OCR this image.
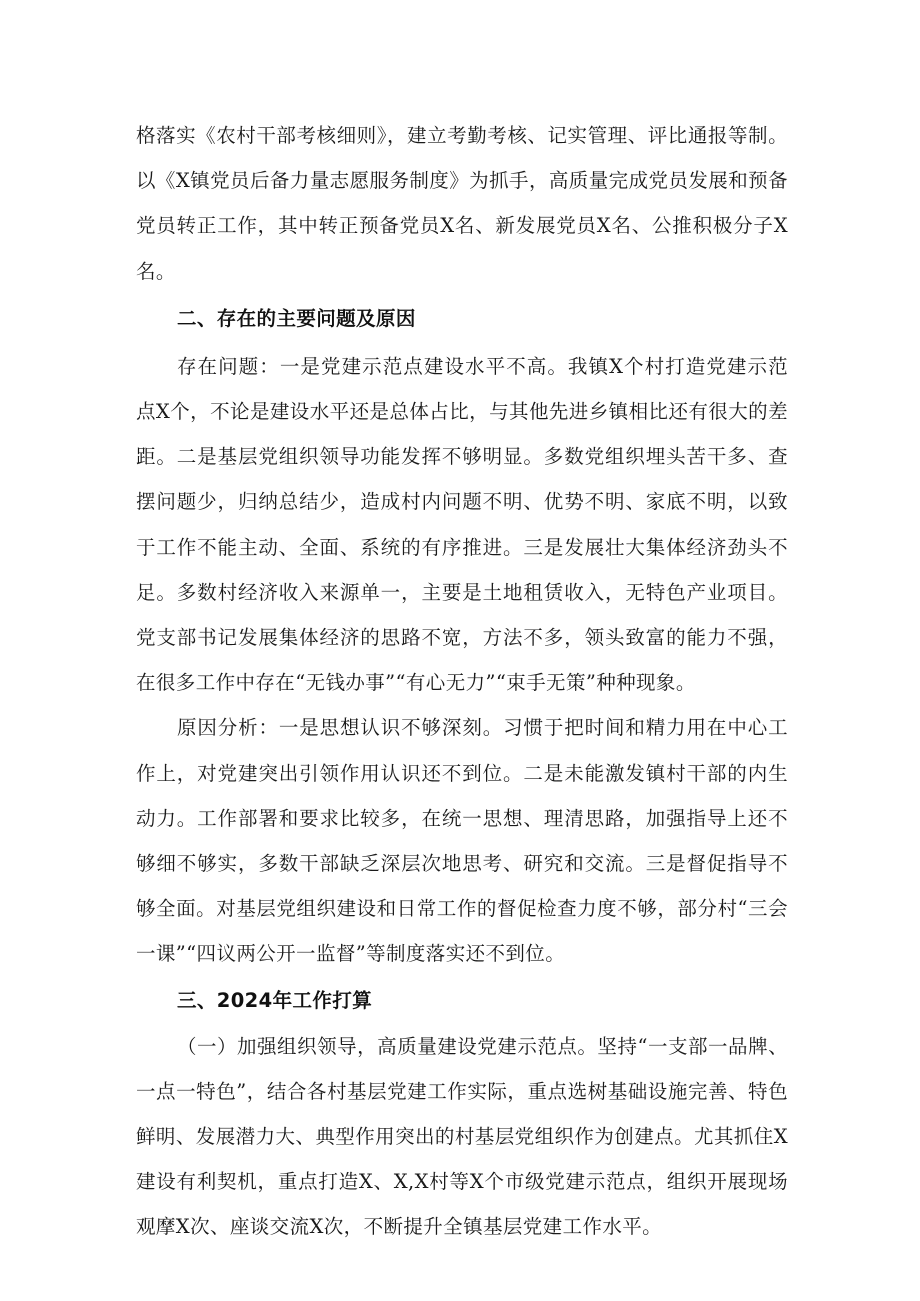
格落实《农村干部考核细则》，建立考勤考核、记实管理、评比通报等制。以《X镇党员后备力量志愿服务制度》为抓手，高质量完成党员发展和预备党员转正工作，其中转正预备党员X名、新发展党员X名、公推积极分子X名。

二、存在的主要问题及原因

存在问题：一是党建示范点建设水平不高。我镇X个村打造党建示范点X个，不论是建设水平还是总体占比，与其他先进乡镇相比还有很大的差距。二是基层党组织领导功能发挥不够明显。多数党组织埋头苦干多、查摆问题少，归纳总结少，造成村内问题不明、优势不明、家底不明，以致于工作不能主动、全面、系统的有序推进。三是发展壮大集体经济劲头不足。多数村经济收入来源单一，主要是土地租赁收入，无特色产业项目。党支部书记发展集体经济的思路不宽，方法不多，领头致富的能力不强，在很多工作中存在“无钱办事”“有心无力”“束手无策”种种现象。

原因分析：一是思想认识不够深刻。习惯于把时间和精力用在中心工作上，对党建突出引领作用认识还不到位。二是未能激发镇村干部的内生动力。工作部署和要求比较多，在统一思想、理清思路，加强指导上还不够细不够实，多数干部缺乏深层次地思考、研究和交流。三是督促指导不够全面。对基层党组织建设和日常工作的督促检查力度不够，部分村“三会一课”“四议两公开一监督”等制度落实还不到位。

三、2024年工作打算

（一）加强组织领导，高质量建设党建示范点。坚持“一支部一品牌、一点一特色”，结合各村基层党建工作实际，重点选树基础设施完善、特色鲜明、发展潜力大、典型作用突出的村基层党组织作为创建点。尤其抓住X建设有利契机，重点打造X、X,X村等X个市级党建示范点，组织开展现场观摩X次、座谈交流X次，不断提升全镇基层党建工作水平。
